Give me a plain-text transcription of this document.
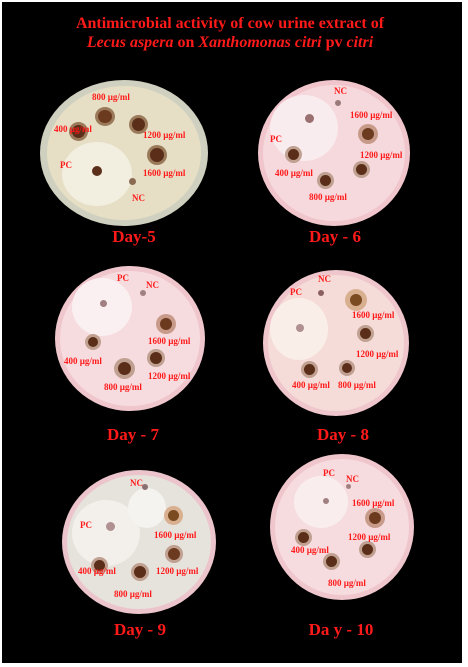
Antimicrobial activity of cow urine extract of
Lecus aspera on Xanthomonas citri pv citri
800 µg/ml
400 µg/ml
1200 µg/ml
1600 µg/ml
PC
NC
Day-5
NC
1600 µg/ml
PC
1200 µg/ml
400 µg/ml
800 µg/ml
Day - 6
PC
NC
1600 µg/ml
400 µg/ml
1200 µg/ml
800 µg/ml
Day - 7
NC
PC
1600 µg/ml
1200 µg/ml
400 µg/ml 800 µg/ml
Day - 8
NC
PC
1600 µg/ml
400 µg/ml	1200 µg/ml
800 µg/ml
Day - 9
PC
NC
1600 µg/ml
400 µg/ml
1200 µg/ml
800 µg/ml
Da y - 10
